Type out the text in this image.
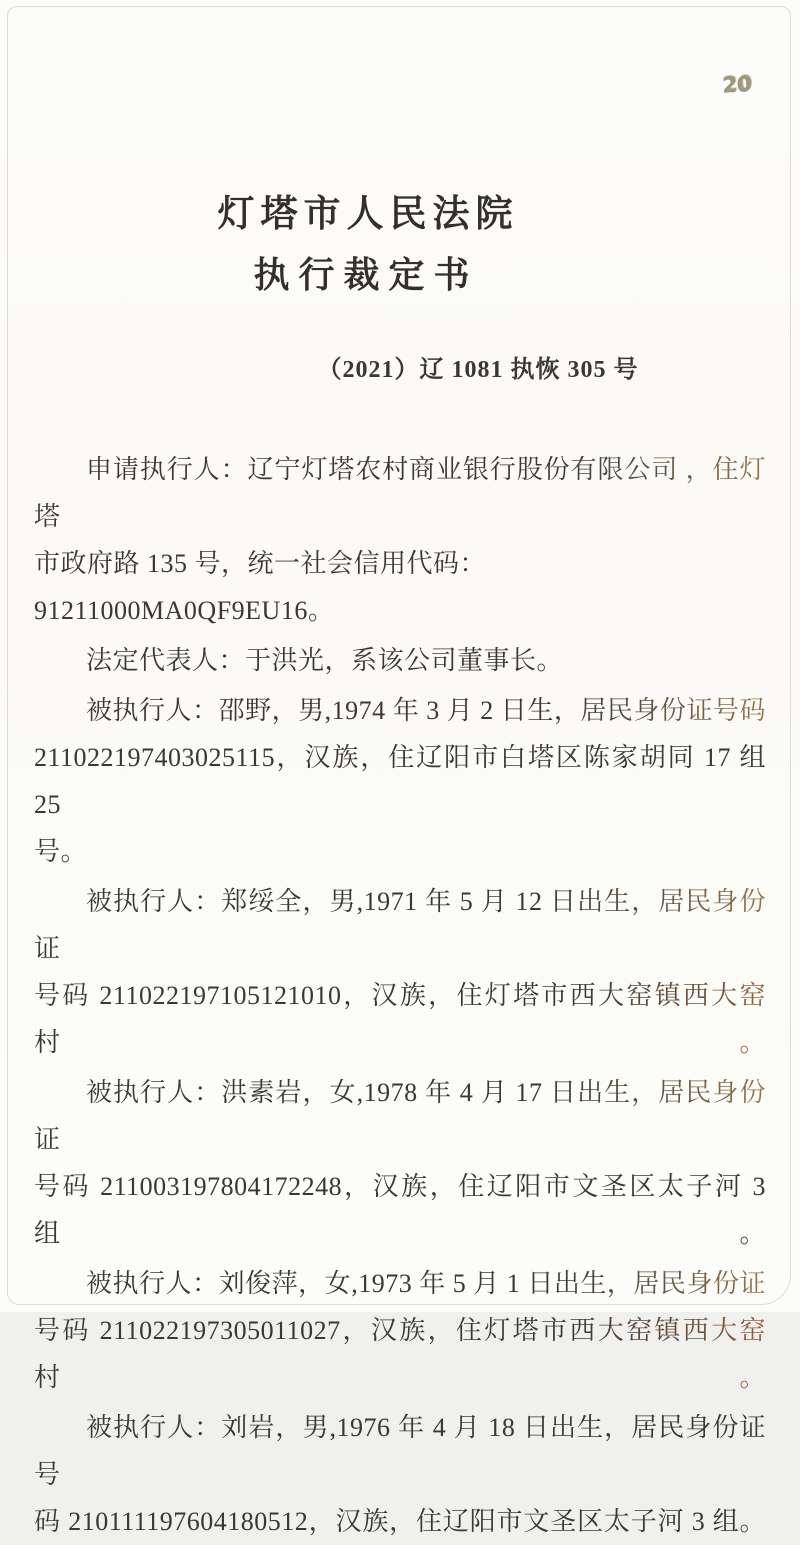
20
灯塔市人民法院
执行裁定书
（2021）辽 1081 执恢 305 号

申请执行人：辽宁灯塔农村商业银行股份有限公司 ，住灯塔
市政府路 135 号，统一社会信用代码：91211000MA0QF9EU16。

法定代表人：于洪光，系该公司董事长。

被执行人：邵野，男,1974 年 3 月 2 日生，居民身份证号码
211022197403025115，汉族，住辽阳市白塔区陈家胡同 17 组 25
号。

被执行人：郑绥全，男,1971 年 5 月 12 日出生，居民身份证
号码 211022197105121010，汉族，住灯塔市西大窑镇西大窑村。

被执行人：洪素岩，女,1978 年 4 月 17 日出生，居民身份证
号码 211003197804172248，汉族，住辽阳市文圣区太子河 3 组。

被执行人：刘俊萍，女,1973 年 5 月 1 日出生，居民身份证
号码 211022197305011027，汉族，住灯塔市西大窑镇西大窑村。

被执行人：刘岩，男,1976 年 4 月 18 日出生，居民身份证号
码 210111197604180512，汉族，住辽阳市文圣区太子河 3 组。
